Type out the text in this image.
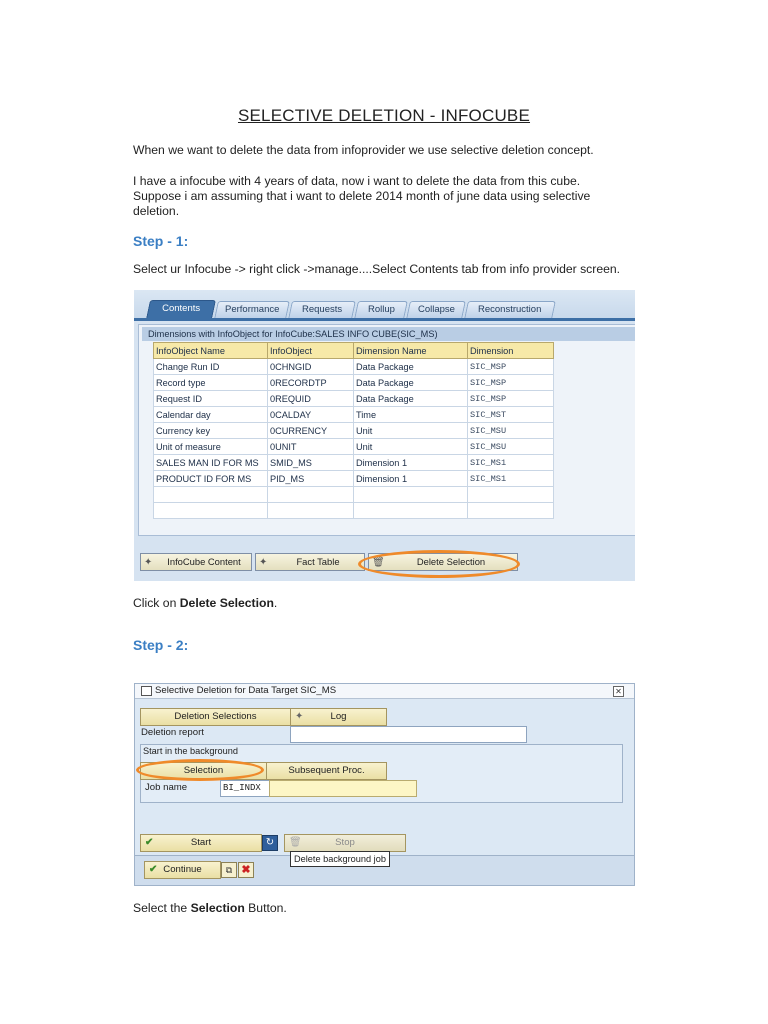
SELECTIVE DELETION - INFOCUBE
When we want to delete the data from infoprovider we use selective deletion concept.
I have a infocube with 4 years of data, now i want to delete the data from this cube.
Suppose i am assuming that i want to delete 2014 month of june data using selective
deletion.
Step - 1:
Select ur Infocube -> right click ->manage....Select Contents tab from info provider screen.
Contents	Performance	Requests	Rollup	Collapse	Reconstruction
Dimensions with InfoObject for InfoCube:SALES INFO CUBE(SIC_MS)
InfoObject Name	InfoObject	Dimension Name	Dimension
Change Run ID	0CHNGID	Data Package	SIC_MSP
Record type	0RECORDTP	Data Package	SIC_MSP
Request ID	0REQUID	Data Package	SIC_MSP
Calendar day	0CALDAY	Time	SIC_MST
Currency key	0CURRENCY	Unit	SIC_MSU
Unit of measure	0UNIT	Unit	SIC_MSU
SALES MAN ID FOR MS	SMID_MS	Dimension 1	SIC_MS1
PRODUCT ID FOR MS	PID_MS	Dimension 1	SIC_MS1

✦	InfoCube Content	✦	Fact Table	🗑	Delete Selection
Click on Delete Selection.
Step - 2:
Selective Deletion for Data Target SIC_MS	✕
Deletion Selections	✦	Log
Deletion report
Start in the background
Selection	Subsequent Proc.
Job name	BI_INDX
✔	Start	↻	🗑	Stop
✔ Continue	⧉ ✖
Delete background job
Select the Selection Button.
